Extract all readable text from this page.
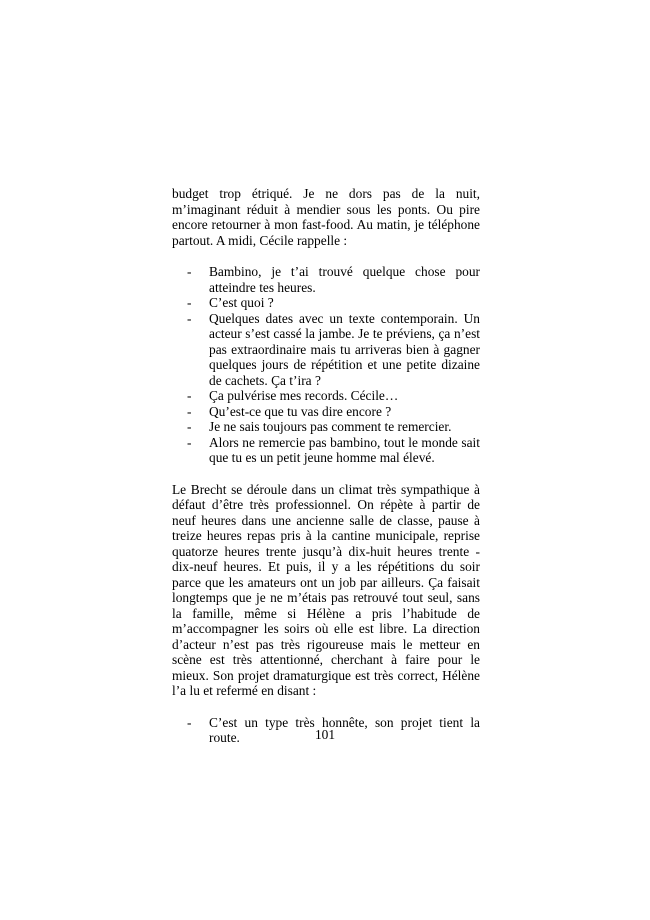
budget trop étriqué. Je ne dors pas de la nuit, m’imaginant réduit à mendier sous les ponts. Ou pire encore retourner à mon fast-food. Au matin, je téléphone partout. A midi, Cécile rappelle :

- Bambino, je t’ai trouvé quelque chose pour atteindre tes heures.
- C’est quoi ?
- Quelques dates avec un texte contemporain. Un acteur s’est cassé la jambe. Je te préviens, ça n’est pas extraordinaire mais tu arriveras bien à gagner quelques jours de répétition et une petite dizaine de cachets. Ça t’ira ?
- Ça pulvérise mes records. Cécile…
- Qu’est-ce que tu vas dire encore ?
- Je ne sais toujours pas comment te remercier.
- Alors ne remercie pas bambino, tout le monde sait que tu es un petit jeune homme mal élevé.

Le Brecht se déroule dans un climat très sympathique à défaut d’être très professionnel. On répète à partir de neuf heures dans une ancienne salle de classe, pause à treize heures repas pris à la cantine municipale, reprise quatorze heures trente jusqu’à dix-huit heures trente - dix-neuf heures. Et puis, il y a les répétitions du soir parce que les amateurs ont un job par ailleurs. Ça faisait longtemps que je ne m’étais pas retrouvé tout seul, sans la famille, même si Hélène a pris l’habitude de m’accompagner les soirs où elle est libre. La direction d’acteur n’est pas très rigoureuse mais le metteur en scène est très attentionné, cherchant à faire pour le mieux. Son projet dramaturgique est très correct, Hélène l’a lu et refermé en disant :

- C’est un type très honnête, son projet tient la route.	101
